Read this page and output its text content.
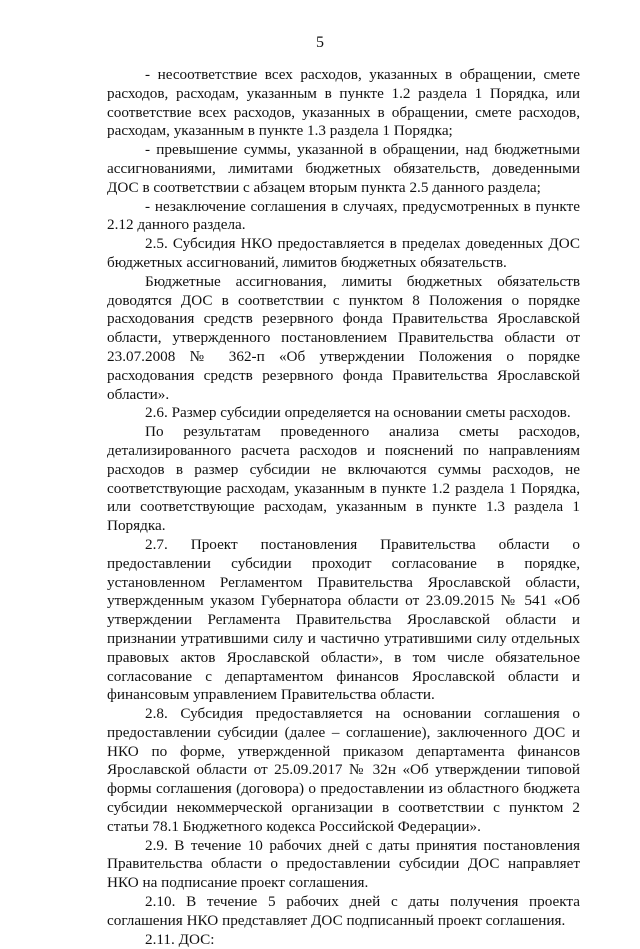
5

- несоответствие всех расходов, указанных в обращении, смете расходов, расходам, указанным в пункте 1.2 раздела 1 Порядка, или соответствие всех расходов, указанных в обращении, смете расходов, расходам, указанным в пункте 1.3 раздела 1 Порядка;

- превышение суммы, указанной в обращении, над бюджетными ассигнованиями, лимитами бюджетных обязательств, доведенными ДОС в соответствии с абзацем вторым пункта 2.5 данного раздела;

- незаключение соглашения в случаях, предусмотренных в пункте 2.12 данного раздела.

2.5. Субсидия НКО предоставляется в пределах доведенных ДОС бюджетных ассигнований, лимитов бюджетных обязательств.

Бюджетные ассигнования, лимиты бюджетных обязательств доводятся ДОС в соответствии с пунктом 8 Положения о порядке расходования средств резервного фонда Правительства Ярославской области, утвержденного постановлением Правительства области от 23.07.2008 № 362-п «Об утверждении Положения о порядке расходования средств резервного фонда Правительства Ярославской области».

2.6. Размер субсидии определяется на основании сметы расходов.

По результатам проведенного анализа сметы расходов, детализированного расчета расходов и пояснений по направлениям расходов в размер субсидии не включаются суммы расходов, не соответствующие расходам, указанным в пункте 1.2 раздела 1 Порядка, или соответствующие расходам, указанным в пункте 1.3 раздела 1 Порядка.

2.7. Проект постановления Правительства области о предоставлении субсидии проходит согласование в порядке, установленном Регламентом Правительства Ярославской области, утвержденным указом Губернатора области от 23.09.2015 № 541 «Об утверждении Регламента Правительства Ярославской области и признании утратившими силу и частично утратившими силу отдельных правовых актов Ярославской области», в том числе обязательное согласование с департаментом финансов Ярославской области и финансовым управлением Правительства области.

2.8. Субсидия предоставляется на основании соглашения о предоставлении субсидии (далее – соглашение), заключенного ДОС и НКО по форме, утвержденной приказом департамента финансов Ярославской области от 25.09.2017 № 32н «Об утверждении типовой формы соглашения (договора) о предоставлении из областного бюджета субсидии некоммерческой организации в соответствии с пунктом 2 статьи 78.1 Бюджетного кодекса Российской Федерации».

2.9. В течение 10 рабочих дней с даты принятия постановления Правительства области о предоставлении субсидии ДОС направляет НКО на подписание проект соглашения.

2.10. В течение 5 рабочих дней с даты получения проекта соглашения НКО представляет ДОС подписанный проект соглашения.

2.11. ДОС:
